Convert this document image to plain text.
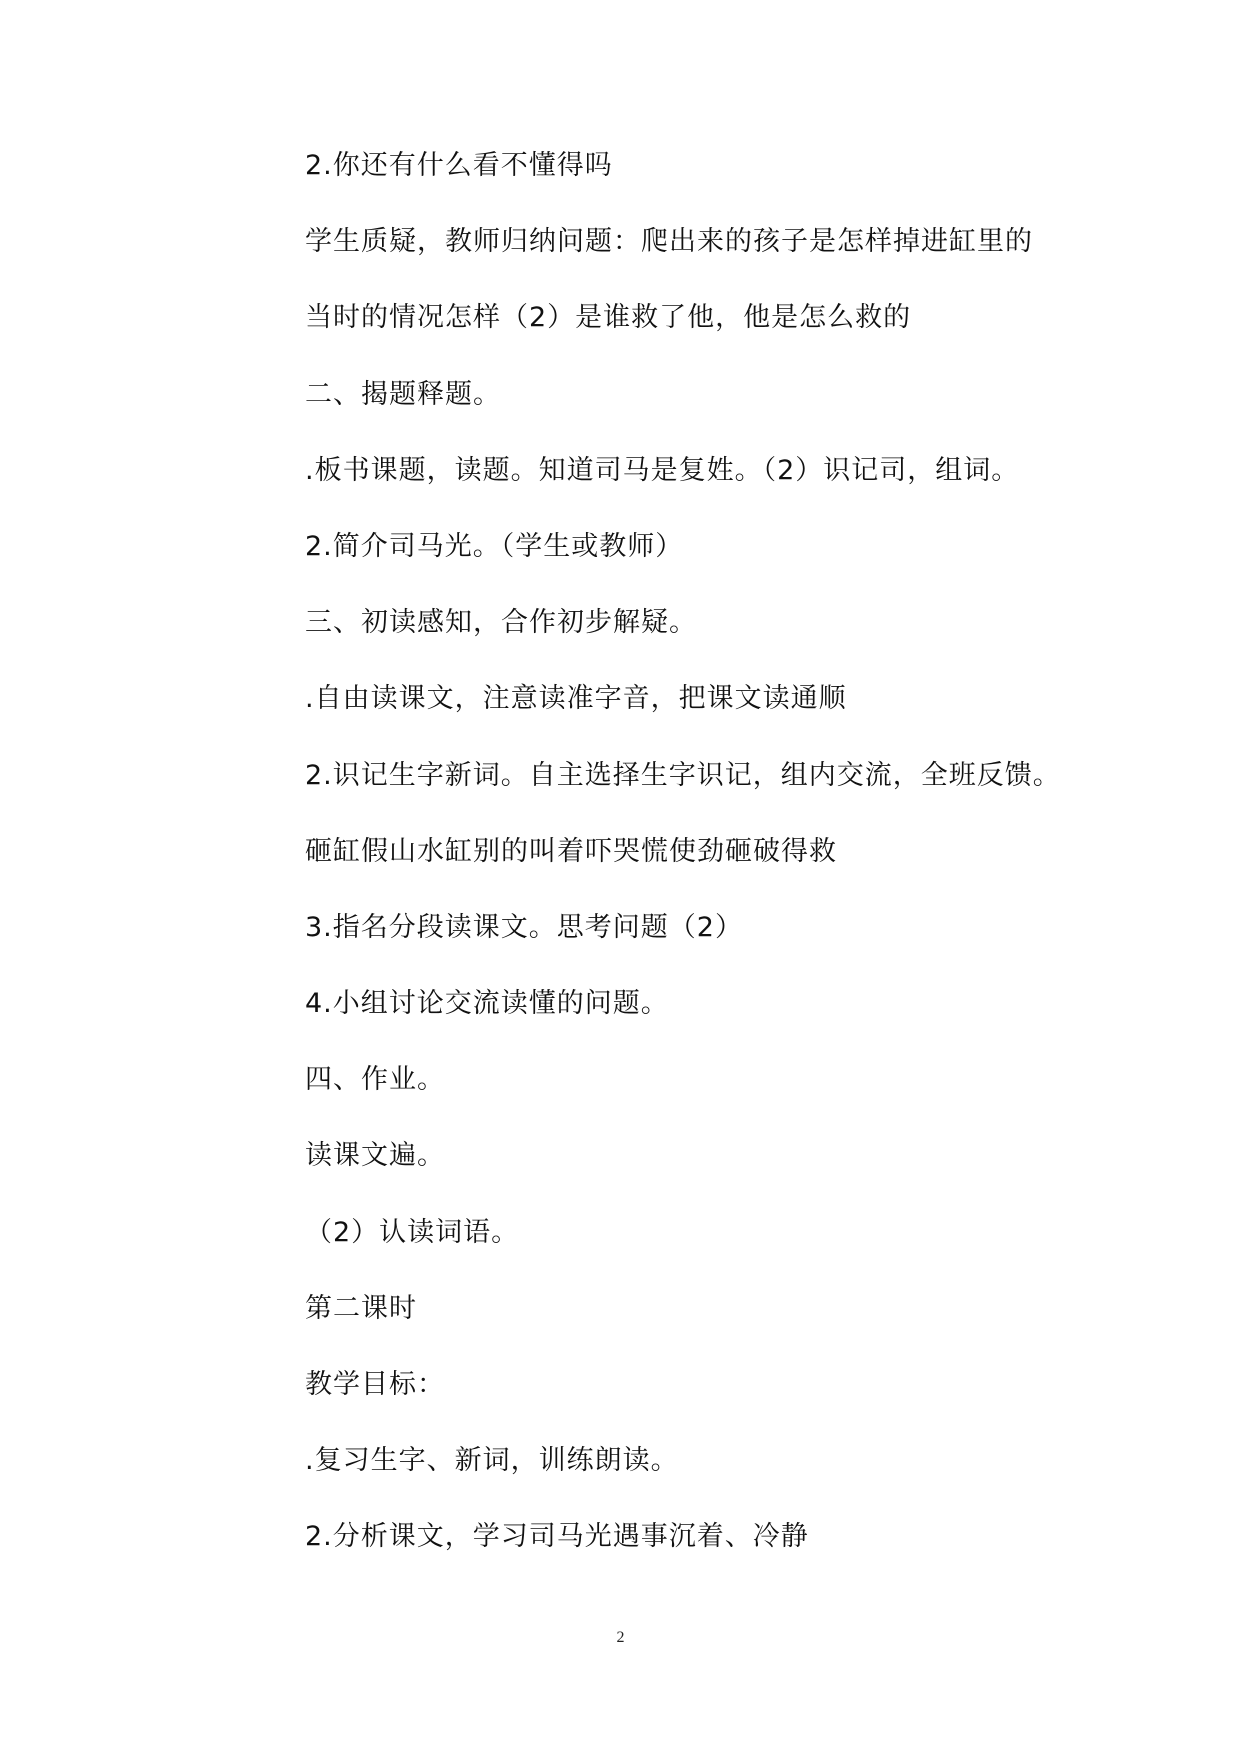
2.你还有什么看不懂得吗
学生质疑，教师归纳问题：爬出来的孩子是怎样掉进缸里的
当时的情况怎样（2）是谁救了他，他是怎么救的
二、揭题释题。
.板书课题，读题。知道司马是复姓。（2）识记司，组词。
2.简介司马光。（学生或教师）
三、初读感知，合作初步解疑。
.自由读课文，注意读准字音，把课文读通顺
2.识记生字新词。自主选择生字识记，组内交流，全班反馈。
砸缸假山水缸别的叫着吓哭慌使劲砸破得救
3.指名分段读课文。思考问题（2）
4.小组讨论交流读懂的问题。
四、作业。
读课文遍。
（2）认读词语。
第二课时
教学目标：
.复习生字、新词，训练朗读。
2.分析课文，学习司马光遇事沉着、冷静
2
